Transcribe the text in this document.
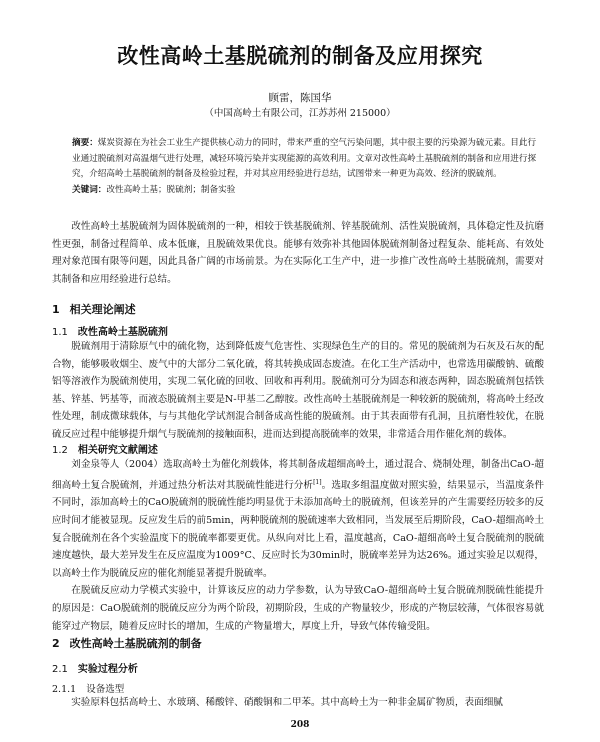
改性高岭土基脱硫剂的制备及应用探究
顾雷，陈国华
（中国高岭土有限公司，江苏苏州 215000）
摘要：煤炭资源在为社会工业生产提供核心动力的同时，带来严重的空气污染问题，其中很主要的污染源为硫元素。目此行业通过脱硫剂对高温烟气进行处理，减轻环境污染并实现能源的高效利用。文章对改性高岭土基脱硫剂的制备和应用进行探究，介绍高岭土基脱硫剂的制备及检验过程，并对其应用经验进行总结，试图带来一种更为高效、经济的脱硫剂。
关键词：改性高岭土基；脱硫剂；制备实验

改性高岭土基脱硫剂为固体脱硫剂的一种，相较于铁基脱硫剂、锌基脱硫剂、活性炭脱硫剂，具体稳定性及抗磨性更强，制备过程简单、成本低廉，且脱硫效果优良。能够有效弥补其他固体脱硫剂制备过程复杂、能耗高、有效处理对象范围有限等问题，因此具备广阔的市场前景。为在实际化工生产中，进一步推广改性高岭土基脱硫剂，需要对其制备和应用经验进行总结。

1 相关理论阐述
1.1 改性高岭土基脱硫剂

脱硫剂用于清除原气中的硫化物，达到降低废气危害性、实现绿色生产的目的。常见的脱硫剂为石灰及石灰的配合物，能够吸收烟尘、废气中的大部分二氧化硫，将其转换成固态废渣。在化工生产活动中，也常选用碳酸钠、硫酸铝等溶液作为脱硫剂使用，实现二氧化硫的回收、回收和再利用。脱硫剂可分为固态和液态两种，固态脱硫剂包括铁基、锌基、钙基等，而液态脱硫剂主要是N-甲基二乙醇胺。改性高岭土基脱硫剂是一种较新的脱硫剂，将高岭土经改性处理，制成微球载体，与与其他化学试剂混合制备成高性能的脱硫剂。由于其表面带有孔洞，且抗磨性较优，在脱硫反应过程中能够提升烟气与脱硫剂的接触面积，进而达到提高脱硫率的效果，非常适合用作催化剂的载体。

1.2 相关研究文献阐述

刘金泉等人（2004）选取高岭土为催化剂载体，将其制备成超细高岭土，通过混合、烧制处理，制备出CaO-超细高岭土复合脱硫剂，并通过热分析法对其脱硫性能进行分析[1]。选取多组温度做对照实验，结果显示，当温度条件不同时，添加高岭土的CaO脱硫剂的脱硫性能均明显优于未添加高岭土的脱硫剂，但该差异的产生需要经历较多的反应时间才能被显现。反应发生后的前5min，两种脱硫剂的脱硫速率大致相同，当发展至后期阶段，CaO-超细高岭土复合脱硫剂在各个实验温度下的脱硫率都要更优。从纵向对比上看，温度越高，CaO-超细高岭土复合脱硫剂的脱硫速度越快，最大差异发生在反应温度为1009°C、反应时长为30min时，脱硫率差异为达26%。通过实验足以观得，以高岭土作为脱硫反应的催化剂能显著提升脱硫率。

在脱硫反应动力学模式实验中，计算该反应的动力学参数，认为导致CaO-超细高岭土复合脱硫剂脱硫性能提升的原因是：CaO脱硫剂的脱硫反应分为两个阶段，初期阶段，生成的产物量较少，形成的产物层较薄，气体很容易就能穿过产物层，随着反应时长的增加，生成的产物量增大，厚度上升，导致气体传输受阻。

2 改性高岭土基脱硫剂的制备
2.1 实验过程分析
2.1.1 设备选型

实验原料包括高岭土、水玻璃、稀酸锌、硝酸铜和二甲苯。其中高岭土为一种非金属矿物质，表面细腻

208
